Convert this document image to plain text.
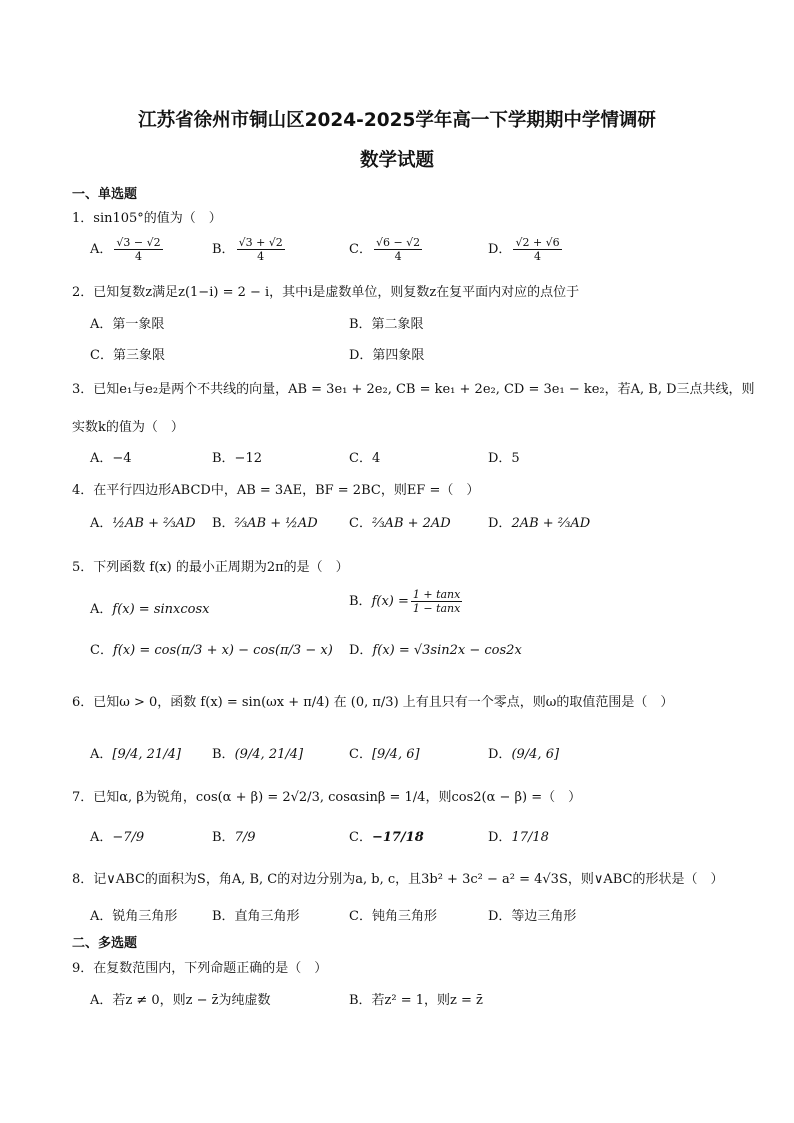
江苏省徐州市铜山区2024-2025学年高一下学期期中学情调研
数学试题
一、单选题
1．sin105°的值为（　）
A． $\frac{√3 - √2}{4}$	B． $\frac{√3 + √2}{4}$	C． $\frac{√6 - √2}{4}$	D． $\frac{√2 + √6}{4}$
2．已知复数z满足z(1−i) = 2 − i，其中i是虚数单位，则复数z在复平面内对应的点位于
A．第一象限	B．第二象限
C．第三象限	D．第四象限
3．已知e₁与e₂是两个不共线的向量，AB = 3e₁ + 2e₂, CB = ke₁ + 2e₂, CD = 3e₁ − ke₂，若A, B, D三点共线，则
实数k的值为（　）
A．−4	B．−12	C．4	D．5
4．在平行四边形ABCD中，AB = 3AE，BF = 2BC，则EF =（　）
A．½AB + ⅔AD B．⅔AB + ½AD C．⅔AB + 2AD	D．2AB + ⅔AD
5．下列函数 f(x) 的最小正周期为2π的是（　）
A．f(x) = sinxcosx
B．$f(x) = \frac{1 + \tan x}{1 - \tan x}$
C．f(x) = cos(π/3 + x) − cos(π/3 − x) D．f(x) = √3sin2x − cos2x
6．已知ω > 0，函数 f(x) = sin(ωx + π/4) 在 (0, π/3) 上有且只有一个零点，则ω的取值范围是（　）
A．[9/4, 21/4] B．(9/4, 21/4]	C．[9/4, 6]	D．(9/4, 6]
7．已知α, β为锐角，cos(α + β) = 2√2/3, cosαsinβ = 1/4，则cos2(α − β) =（　）
A．−7/9	B．7/9	C．−17/18	D．17/18
8．记∨ABC的面积为S，角A, B, C的对边分别为a, b, c，且3b² + 3c² − a² = 4√3S，则∨ABC的形状是（　）
A．锐角三角形	B．直角三角形	C．钝角三角形	D．等边三角形
二、多选题
9．在复数范围内，下列命题正确的是（　）
A．若z ≠ 0，则z − z̄为纯虚数	B．若z² = 1，则z = z̄
